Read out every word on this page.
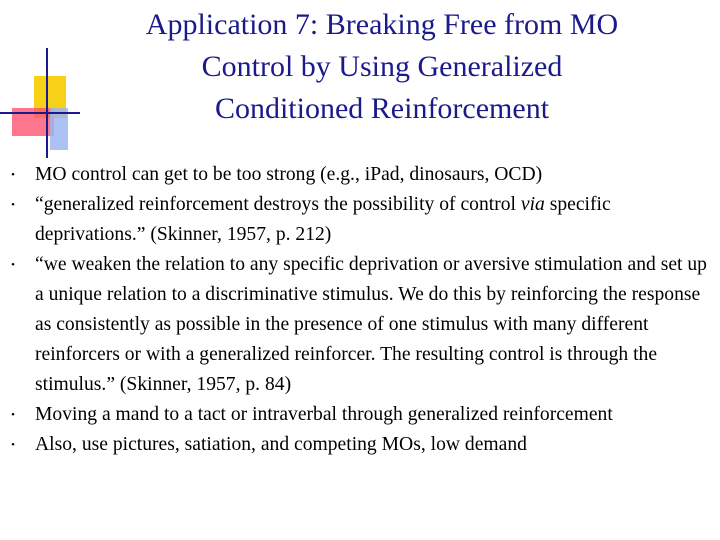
Application 7: Breaking Free from MO
Control by Using Generalized
Conditioned Reinforcement
• MO control can get to be too strong (e.g., iPad, dinosaurs, OCD)
• “generalized reinforcement destroys the possibility of control via specific deprivations.” (Skinner, 1957, p. 212)
• “we weaken the relation to any specific deprivation or aversive stimulation and set up a unique relation to a discriminative stimulus. We do this by reinforcing the response as consistently as possible in the presence of one stimulus with many different reinforcers or with a generalized reinforcer. The resulting control is through the stimulus.” (Skinner, 1957, p. 84)
• Moving a mand to a tact or intraverbal through generalized reinforcement
• Also, use pictures, satiation, and competing MOs, low demand
